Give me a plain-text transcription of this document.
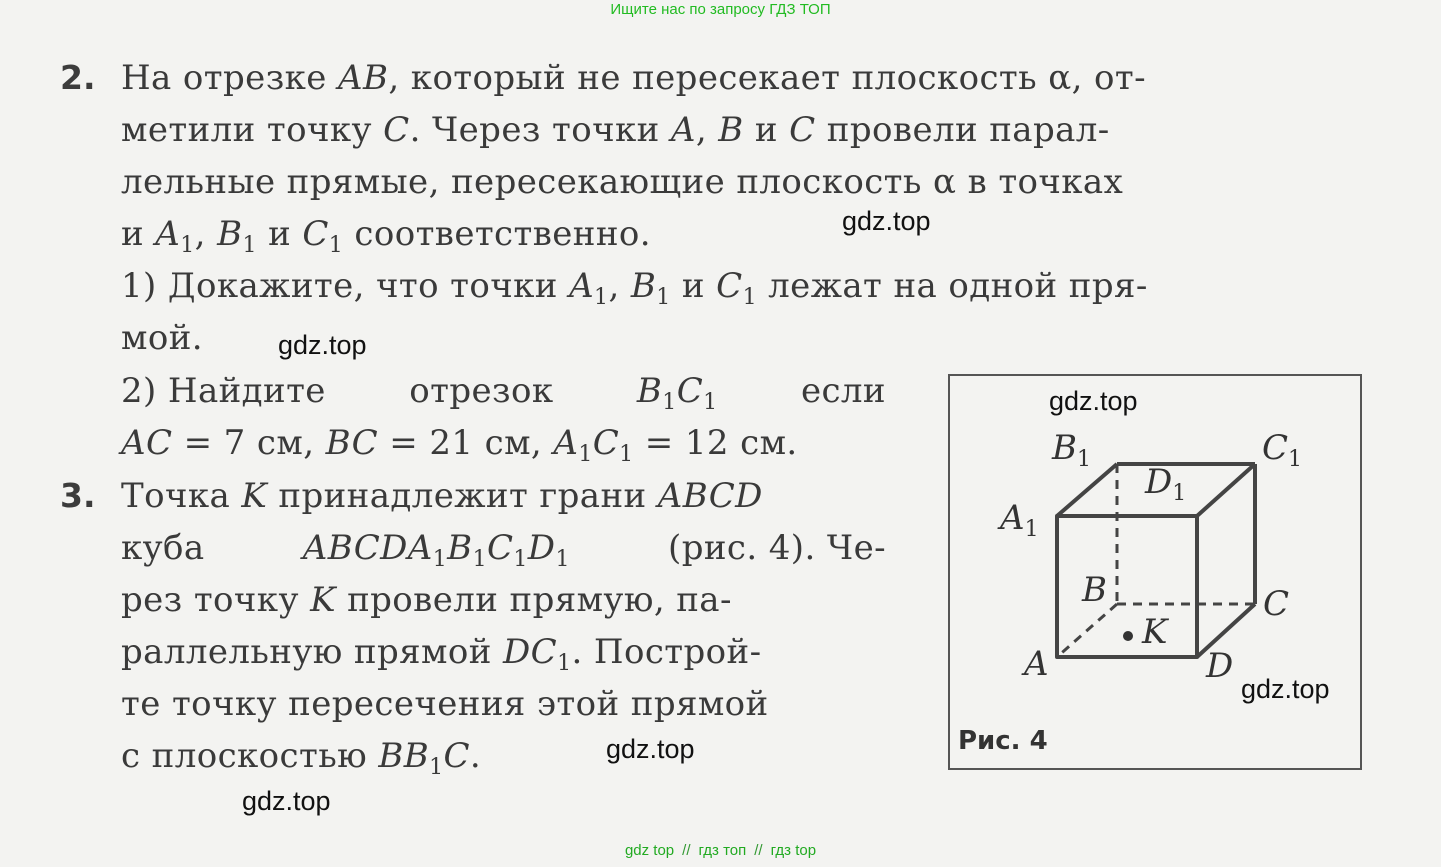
Ищите нас по запросу ГДЗ ТОП
2. На отрезке AB, который не пересекает плоскость α, от-
метили точку C. Через точки A, B и C провели парал-
лельные прямые, пересекающие плоскость α в точках
и $A_1$, $B_1$ и $C_1$ соответственно.
1) Докажите, что точки $A_1$, $B_1$ и $C_1$ лежат на одной пря-
мой.
2) Найдите отрезок $B_1C_1$ если
AC = 7 см, BC = 21 см, $A_1C_1 = 12$ см.
3. Точка K принадлежит грани ABCD
куба	$ABCDA_1B_1C_1D_1$	(рис. 4). Че-
рез точку K провели прямую, па-
раллельную прямой $DC_1$. Построй-
те точку пересечения этой прямой
с плоскостью $BB_1C$.
$B_1$	$C_1$
$D_1$
$A_1$
B	C
K
A	D
Рис. 4
gdz.top
gdz.top
gdz.top
gdz.top
gdz.top
gdz.top
gdz top // гдз топ // гдз top
